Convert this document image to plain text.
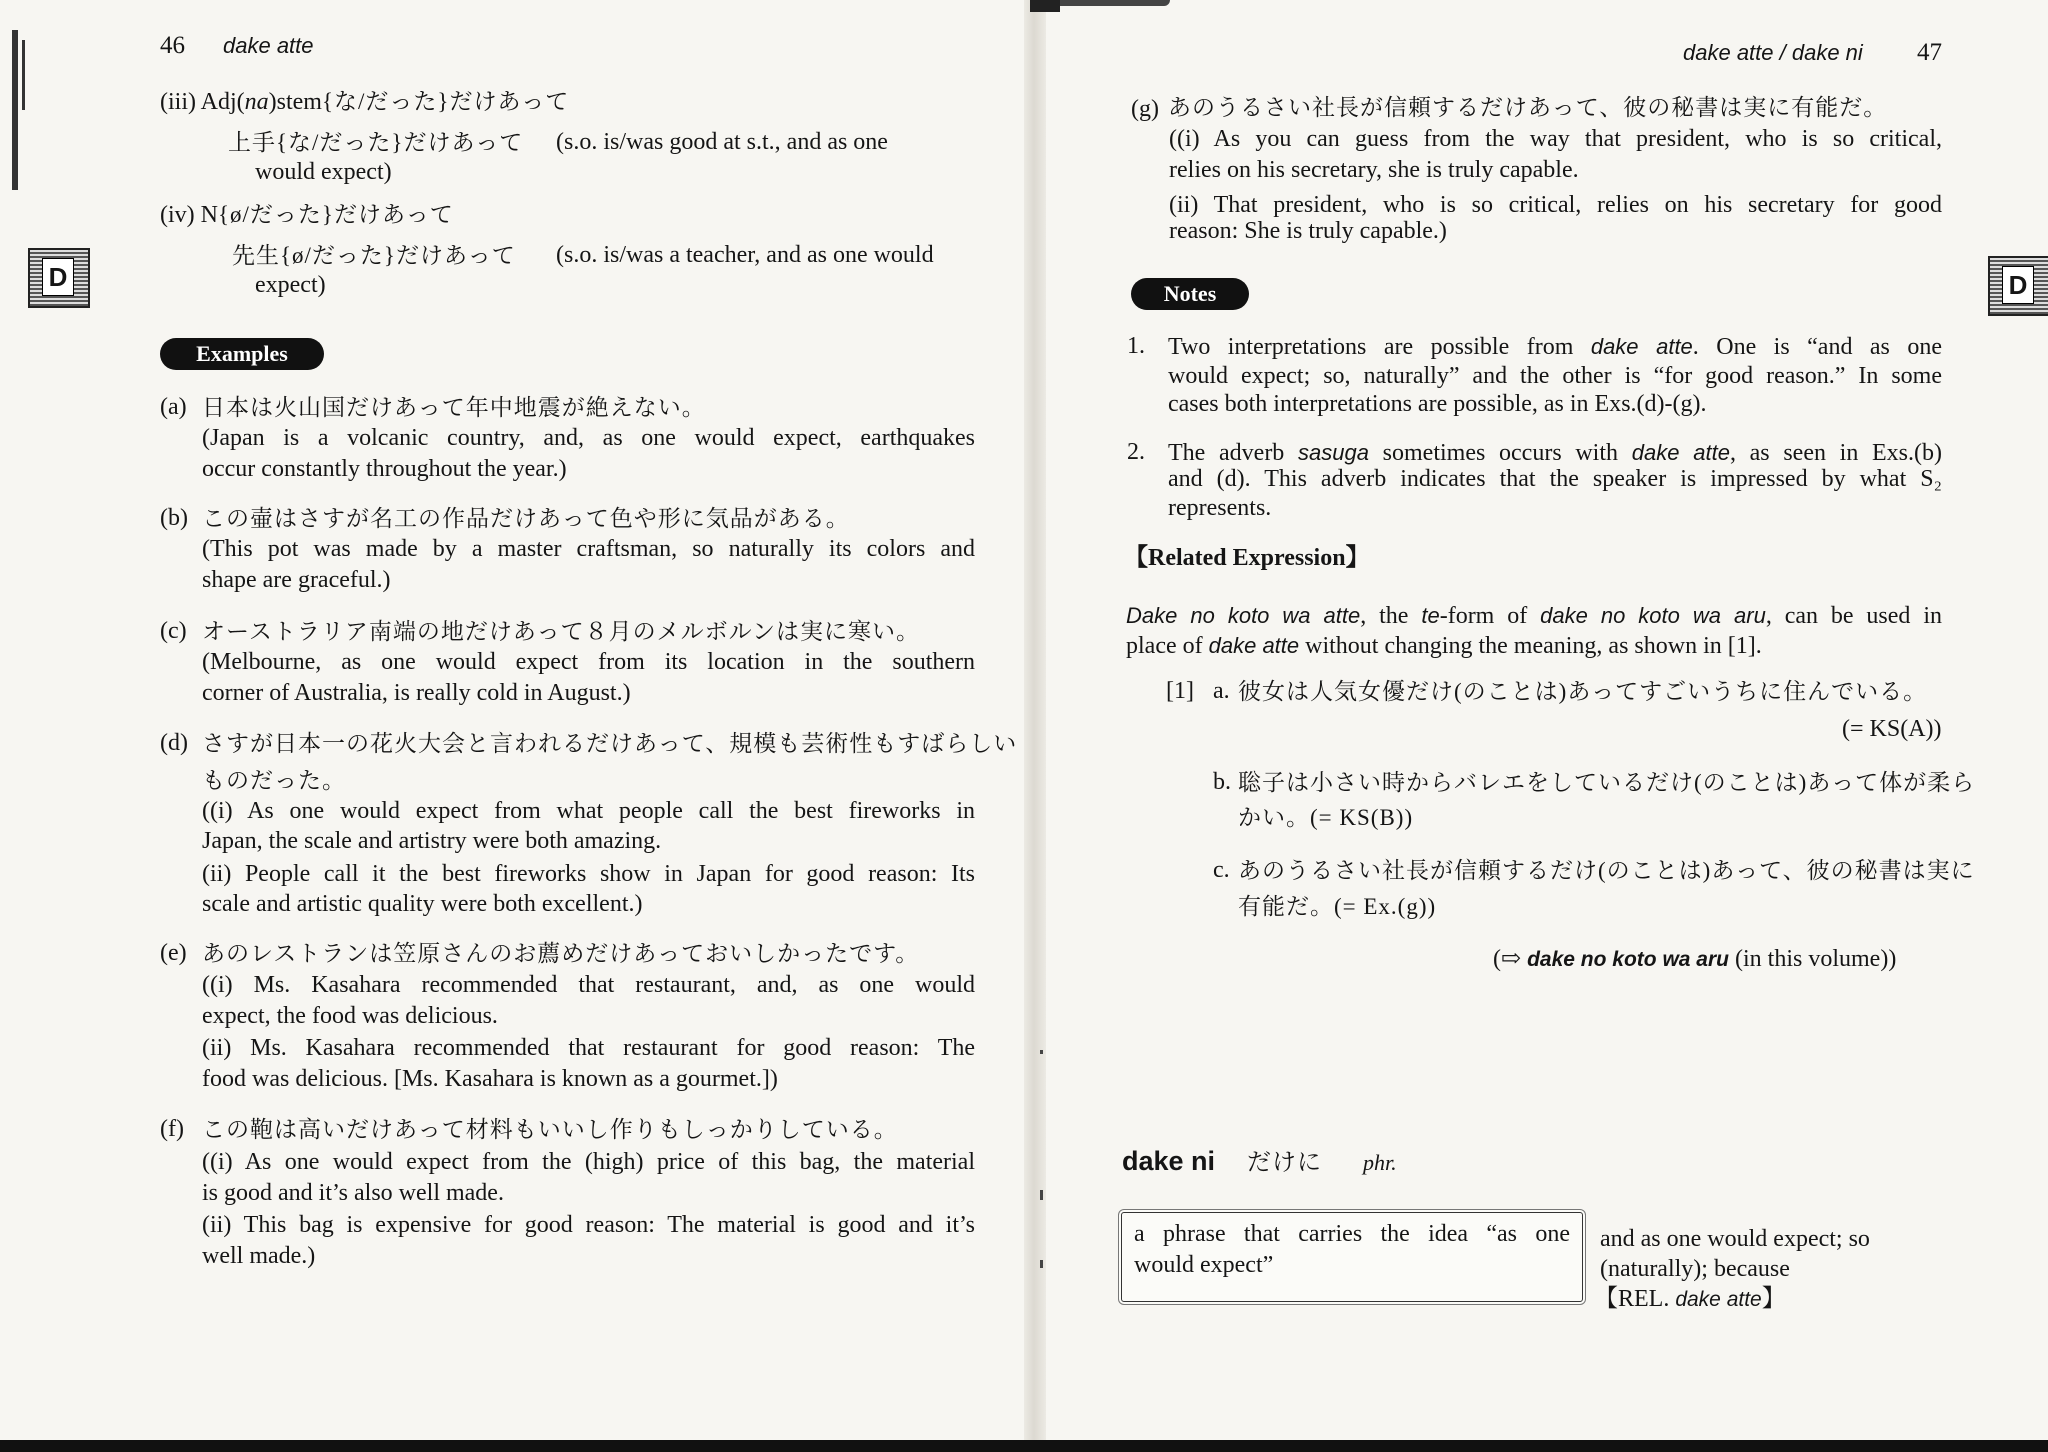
46 dake atte
D
(iii) Adj(na)stem{な/だった}だけあって
上手{な/だった}だけあって (s.o. is/was good at s.t., and as one
would expect)
(iv) N{ø/だった}だけあって
先生{ø/だった}だけあって (s.o. is/was a teacher, and as one would
expect)
Examples
(a) 日本は火山国だけあって年中地震が絶えない。
(Japan is a volcanic country, and, as one would expect, earthquakes
occur constantly throughout the year.)
(b) この壷はさすが名工の作品だけあって色や形に気品がある。
(This pot was made by a master craftsman, so naturally its colors and
shape are graceful.)
(c) オーストラリア南端の地だけあって８月のメルボルンは実に寒い。
(Melbourne, as one would expect from its location in the southern
corner of Australia, is really cold in August.)
(d) さすが日本一の花火大会と言われるだけあって、規模も芸術性もすばらしい
ものだった。
((i) As one would expect from what people call the best fireworks in
Japan, the scale and artistry were both amazing.
(ii) People call it the best fireworks show in Japan for good reason: Its
scale and artistic quality were both excellent.)
(e) あのレストランは笠原さんのお薦めだけあっておいしかったです。
((i) Ms. Kasahara recommended that restaurant, and, as one would
expect, the food was delicious.
(ii) Ms. Kasahara recommended that restaurant for good reason: The
food was delicious. [Ms. Kasahara is known as a gourmet.])
(f) この鞄は高いだけあって材料もいいし作りもしっかりしている。
((i) As one would expect from the (high) price of this bag, the material
is good and it’s also well made.
(ii) This bag is expensive for good reason: The material is good and it’s
well made.)
dake atte / dake ni 47
D
(g) あのうるさい社長が信頼するだけあって、彼の秘書は実に有能だ。
((i) As you can guess from the way that president, who is so critical,
relies on his secretary, she is truly capable.
(ii) That president, who is so critical, relies on his secretary for good
reason: She is truly capable.)
Notes
1. Two interpretations are possible from dake atte. One is “and as one
would expect; so, naturally” and the other is “for good reason.” In some
cases both interpretations are possible, as in Exs.(d)-(g).
2. The adverb sasuga sometimes occurs with dake atte, as seen in Exs.(b)
and (d). This adverb indicates that the speaker is impressed by what S₂
represents.
【Related Expression】
Dake no koto wa atte, the te-form of dake no koto wa aru, can be used in
place of dake atte without changing the meaning, as shown in [1].
[1] a. 彼女は人気女優だけ(のことは)あってすごいうちに住んでいる。
(= KS(A))
b. 聡子は小さい時からバレエをしているだけ(のことは)あって体が柔ら
かい。(= KS(B))
c. あのうるさい社長が信頼するだけ(のことは)あって、彼の秘書は実に
有能だ。(= Ex.(g))
(⇨ dake no koto wa aru (in this volume))
dake ni だけに phr.
a phrase that carries the idea “as one
would expect”
and as one would expect; so
(naturally); because
【REL. dake atte】
